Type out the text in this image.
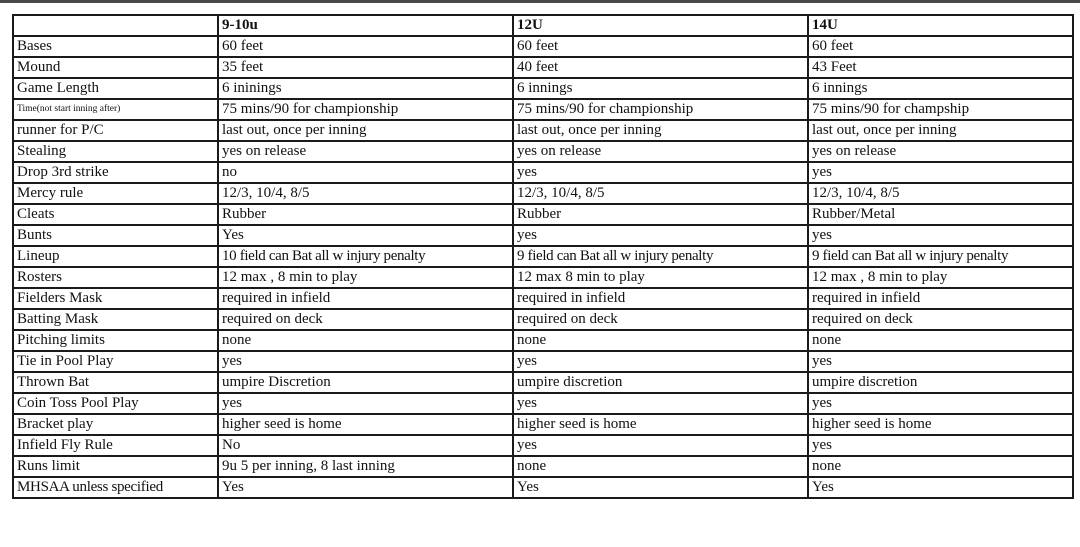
	9-10u	12U	14U
Bases	60 feet	60 feet	60 feet
Mound	35 feet	40 feet	43 Feet
Game Length	6 ininings	6 innings	6 innings
Time(not start inning after)	75 mins/90 for championship	75 mins/90 for championship	75 mins/90 for champship
runner for P/C	last out, once per inning	last out, once per inning	last out, once per inning
Stealing	yes on release	yes on release	yes on release
Drop 3rd strike	no	yes	yes
Mercy rule	12/3, 10/4, 8/5	12/3, 10/4, 8/5	12/3, 10/4, 8/5
Cleats	Rubber	Rubber	Rubber/Metal
Bunts	Yes	yes	yes
Lineup	10 field can Bat all w injury penalty	9 field can Bat all w injury penalty	9 field can Bat all w injury penalty
Rosters	12 max , 8 min to play	12 max 8 min to play	12 max , 8 min to play
Fielders Mask	required in infield	required in infield	required in infield
Batting Mask	required on deck	required on deck	required on deck
Pitching limits	none	none	none
Tie in Pool Play	yes	yes	yes
Thrown Bat	umpire Discretion	umpire discretion	umpire discretion
Coin Toss Pool Play	yes	yes	yes
Bracket play	higher seed is home	higher seed is home	higher seed is home
Infield Fly Rule	No	yes	yes
Runs limit	9u 5 per inning, 8 last inning	none	none
MHSAA unless specified	Yes	Yes	Yes
